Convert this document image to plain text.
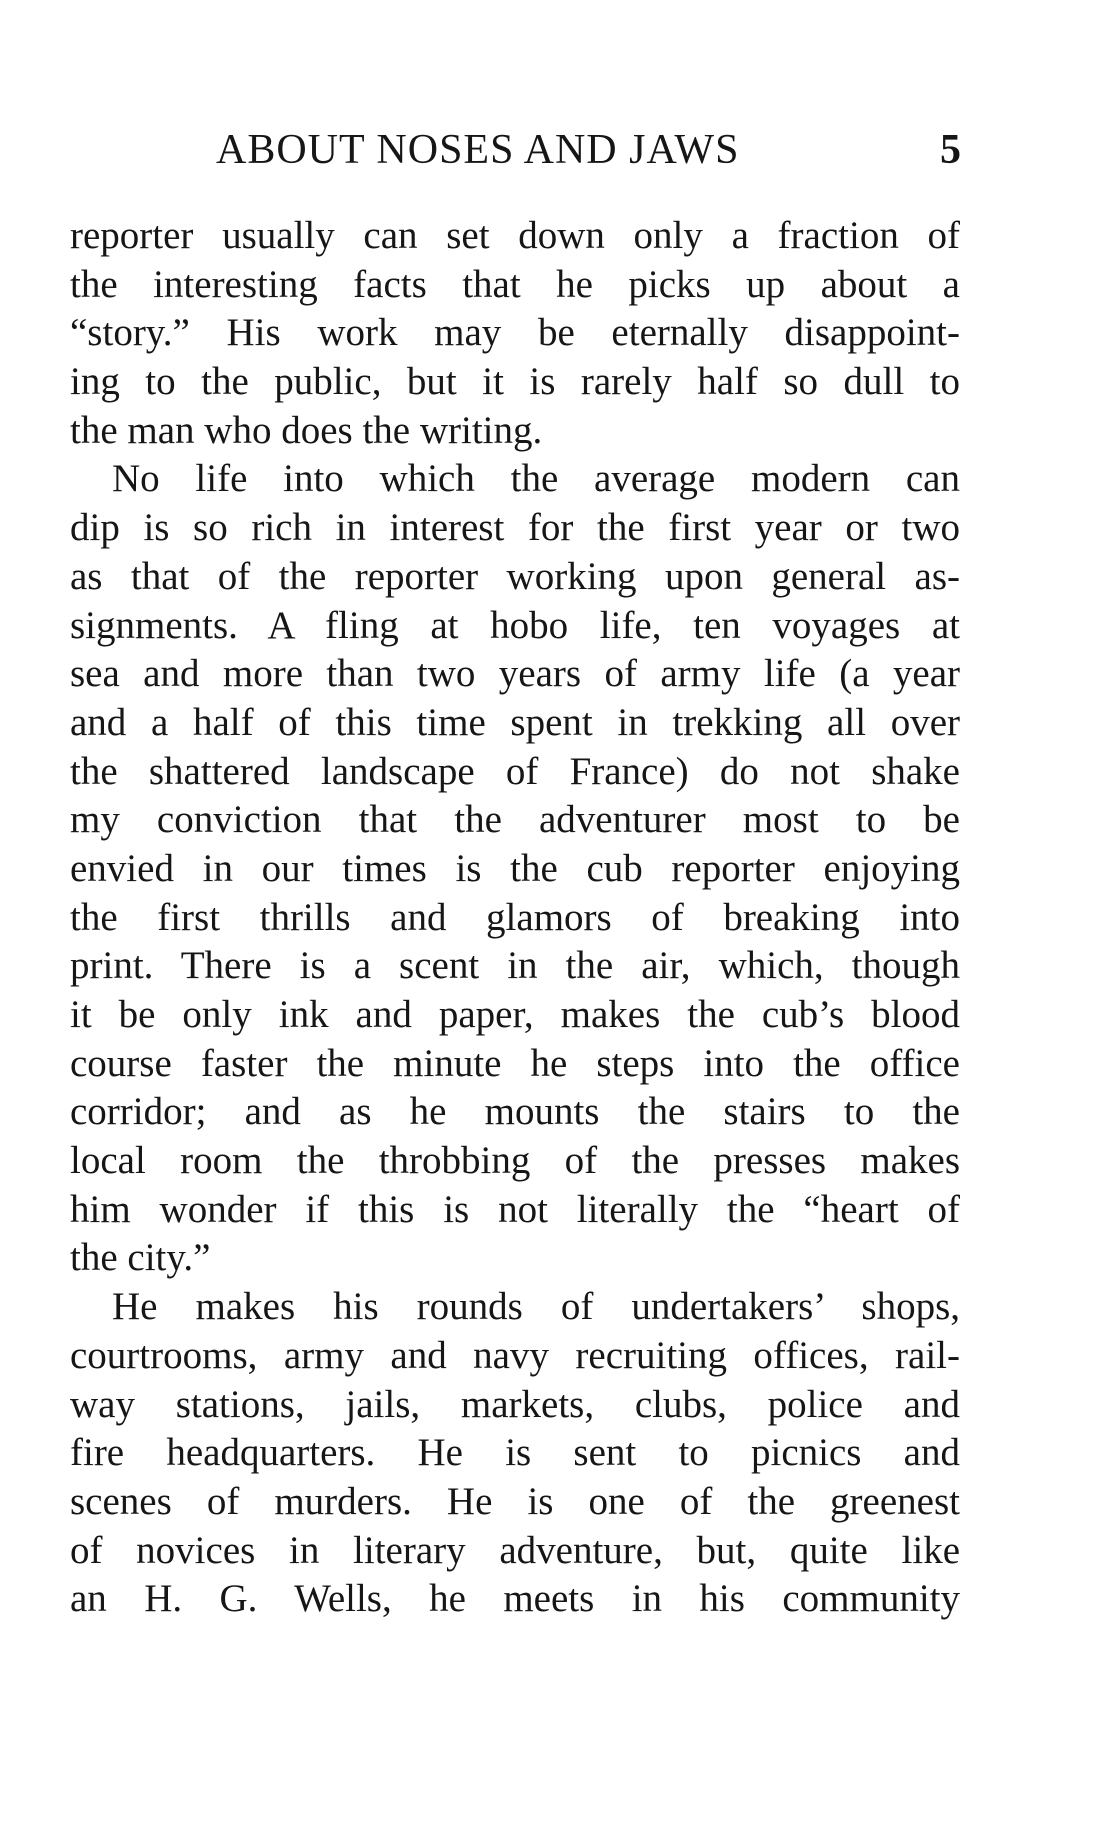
ABOUT NOSES AND JAWS	5
reporter usually can set down only a fraction of
the interesting facts that he picks up about a
“story.” His work may be eternally disappoint-
ing to the public, but it is rarely half so dull to
the man who does the writing.
No life into which the average modern can
dip is so rich in interest for the first year or two
as that of the reporter working upon general as-
signments. A fling at hobo life, ten voyages at
sea and more than two years of army life (a year
and a half of this time spent in trekking all over
the shattered landscape of France) do not shake
my conviction that the adventurer most to be
envied in our times is the cub reporter enjoying
the first thrills and glamors of breaking into
print. There is a scent in the air, which, though
it be only ink and paper, makes the cub’s blood
course faster the minute he steps into the office
corridor; and as he mounts the stairs to the
local room the throbbing of the presses makes
him wonder if this is not literally the “heart of
the city.”
He makes his rounds of undertakers’ shops,
courtrooms, army and navy recruiting offices, rail-
way stations, jails, markets, clubs, police and
fire headquarters. He is sent to picnics and
scenes of murders. He is one of the greenest
of novices in literary adventure, but, quite like
an H. G. Wells, he meets in his community
